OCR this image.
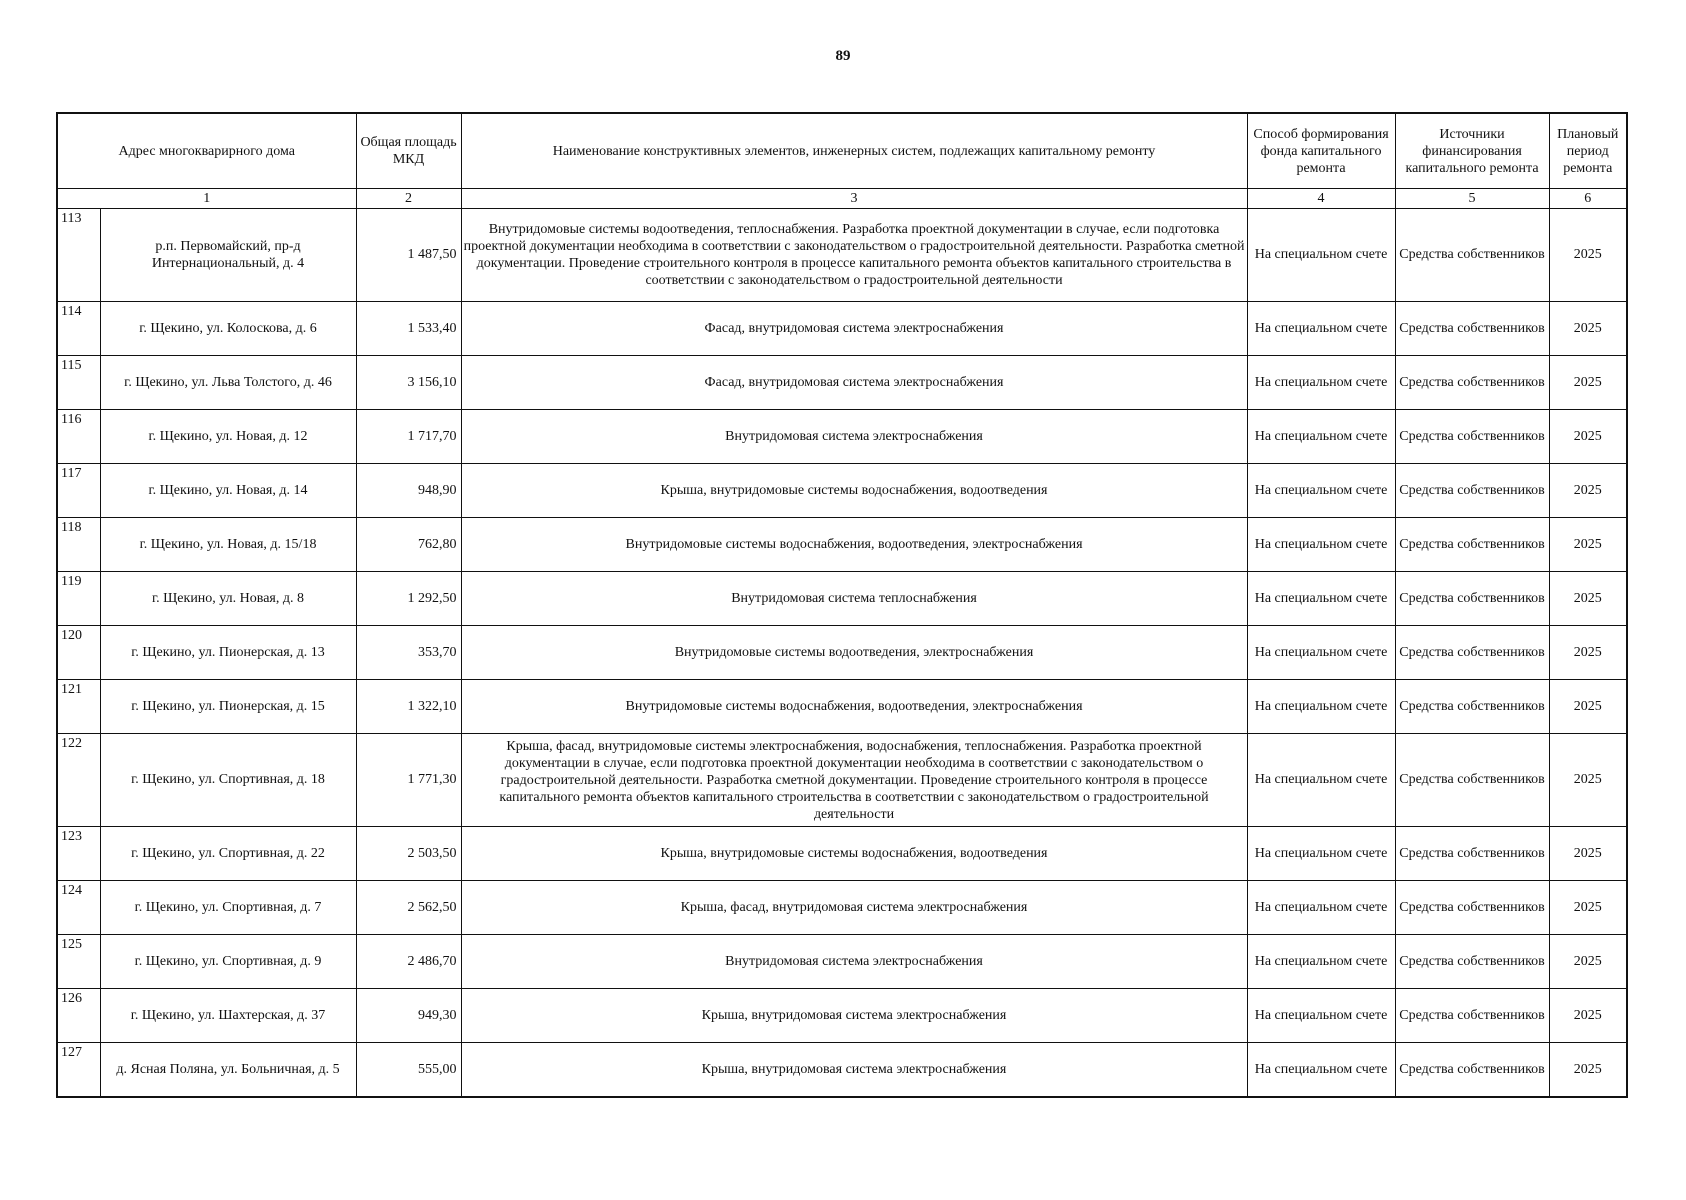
89
Адрес многокварирного дома		Общая площадь МКД	Наименование конструктивных элементов, инженерных систем, подлежащих капитальному ремонту	Способ формирования фонда капитального ремонта	Источники финансирования капитального ремонта	Плановый период ремонта
1		2	3	4	5	6
113	р.п. Первомайский, пр-д Интернациональный, д. 4	1 487,50	Внутридомовые системы водоотведения, теплоснабжения. Разработка проектной документации в случае, если подготовка проектной документации необходима в соответствии с законодательством о градостроительной деятельности. Разработка сметной документации. Проведение строительного контроля в процессе капитального ремонта объектов капитального строительства в соответствии с законодательством о градостроительной деятельности	На специальном счете	Средства собственников	2025
114	г. Щекино, ул. Колоскова, д. 6	1 533,40	Фасад, внутридомовая система электроснабжения	На специальном счете	Средства собственников	2025
115	г. Щекино, ул. Льва Толстого, д. 46	3 156,10	Фасад, внутридомовая система электроснабжения	На специальном счете	Средства собственников	2025
116	г. Щекино, ул. Новая, д. 12	1 717,70	Внутридомовая система электроснабжения	На специальном счете	Средства собственников	2025
117	г. Щекино, ул. Новая, д. 14	948,90	Крыша, внутридомовые системы водоснабжения, водоотведения	На специальном счете	Средства собственников	2025
118	г. Щекино, ул. Новая, д. 15/18	762,80	Внутридомовые системы водоснабжения, водоотведения, электроснабжения	На специальном счете	Средства собственников	2025
119	г. Щекино, ул. Новая, д. 8	1 292,50	Внутридомовая система теплоснабжения	На специальном счете	Средства собственников	2025
120	г. Щекино, ул. Пионерская, д. 13	353,70	Внутридомовые системы водоотведения, электроснабжения	На специальном счете	Средства собственников	2025
121	г. Щекино, ул. Пионерская, д. 15	1 322,10	Внутридомовые системы водоснабжения, водоотведения, электроснабжения	На специальном счете	Средства собственников	2025
122	г. Щекино, ул. Спортивная, д. 18	1 771,30	Крыша, фасад, внутридомовые системы электроснабжения, водоснабжения, теплоснабжения. Разработка проектной документации в случае, если подготовка проектной документации необходима в соответствии с законодательством о градостроительной деятельности. Разработка сметной документации. Проведение строительного контроля в процессе капитального ремонта объектов капитального строительства в соответствии с законодательством о градостроительной деятельности	На специальном счете	Средства собственников	2025
123	г. Щекино, ул. Спортивная, д. 22	2 503,50	Крыша, внутридомовые системы водоснабжения, водоотведения	На специальном счете	Средства собственников	2025
124	г. Щекино, ул. Спортивная, д. 7	2 562,50	Крыша, фасад, внутридомовая система электроснабжения	На специальном счете	Средства собственников	2025
125	г. Щекино, ул. Спортивная, д. 9	2 486,70	Внутридомовая система электроснабжения	На специальном счете	Средства собственников	2025
126	г. Щекино, ул. Шахтерская, д. 37	949,30	Крыша, внутридомовая система электроснабжения	На специальном счете	Средства собственников	2025
127	д. Ясная Поляна, ул. Больничная, д. 5	555,00	Крыша, внутридомовая система электроснабжения	На специальном счете	Средства собственников	2025
